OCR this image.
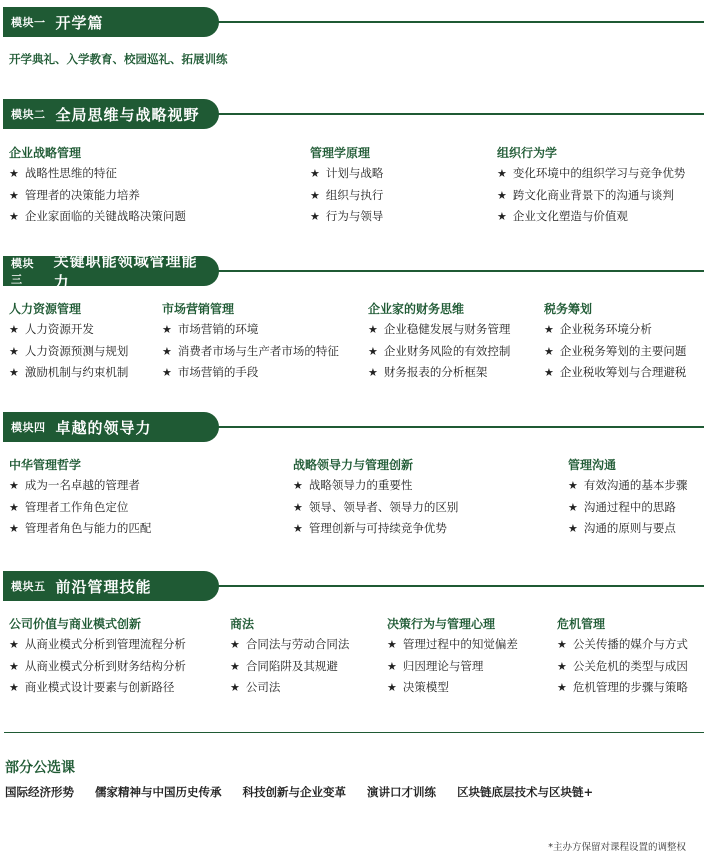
模块一 开学篇
开学典礼、入学教育、校园巡礼、拓展训练
模块二 全局思维与战略视野
企业战略管理
★ 战略性思维的特征
★ 管理者的决策能力培养
★ 企业家面临的关键战略决策问题
管理学原理
★ 计划与战略
★ 组织与执行
★ 行为与领导
组织行为学
★ 变化环境中的组织学习与竞争优势
★ 跨文化商业背景下的沟通与谈判
★ 企业文化塑造与价值观
模块三
关键职能领域管理能力
人力资源管理
★ 人力资源开发
★ 人力资源预测与规划
★ 激励机制与约束机制
市场营销管理
★ 市场营销的环境
★ 消费者市场与生产者市场的特征
★ 市场营销的手段
企业家的财务思维
★ 企业稳健发展与财务管理
★ 企业财务风险的有效控制
★ 财务报表的分析框架
税务筹划
★ 企业税务环境分析
★ 企业税务筹划的主要问题
★ 企业税收筹划与合理避税
模块四 卓越的领导力
中华管理哲学
★ 成为一名卓越的管理者
★ 管理者工作角色定位
★ 管理者角色与能力的匹配
战略领导力与管理创新
★ 战略领导力的重要性
★ 领导、领导者、领导力的区别
★ 管理创新与可持续竞争优势
管理沟通
★ 有效沟通的基本步骤
★ 沟通过程中的思路
★ 沟通的原则与要点
模块五 前沿管理技能
公司价值与商业模式创新
★ 从商业模式分析到管理流程分析
★ 从商业模式分析到财务结构分析
★ 商业模式设计要素与创新路径
商法
★ 合同法与劳动合同法
★ 合同陷阱及其规避
★ 公司法
决策行为与管理心理
★ 管理过程中的知觉偏差
★ 归因理论与管理
★ 决策模型
危机管理
★ 公关传播的媒介与方式
★ 公关危机的类型与成因
★ 危机管理的步骤与策略
部分公选课
国际经济形势 儒家精神与中国历史传承 科技创新与企业变革 演讲口才训练 区块链底层技术与区块链+
*主办方保留对课程设置的调整权
